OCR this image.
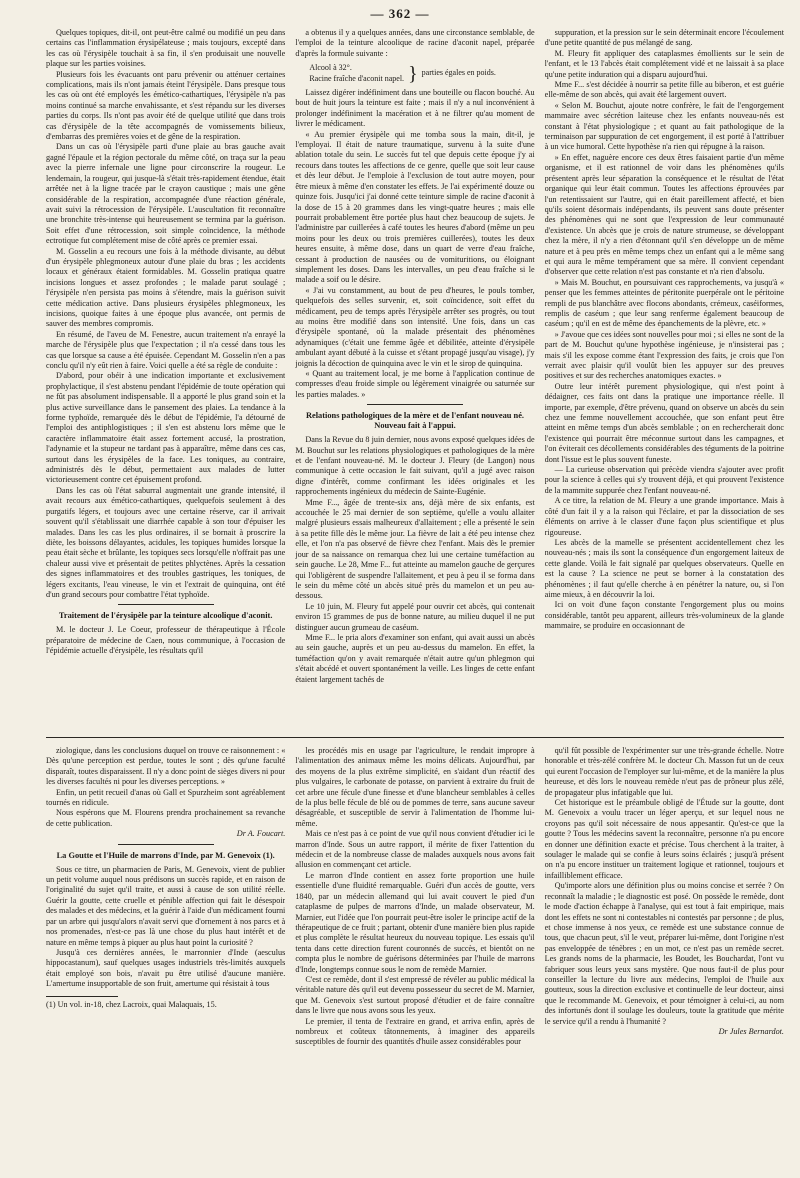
— 362 —

Quelques topiques, dit-il, ont peut-être calmé ou modifié un peu dans certains cas l'inflammation érysipélateuse ; mais toujours, excepté dans les cas où l'érysipèle touchait à sa fin, il s'en produisait une nouvelle plaque sur les parties voisines.

Plusieurs fois les évacuants ont paru prévenir ou atténuer certaines complications, mais ils n'ont jamais éteint l'érysipèle. Dans presque tous les cas où ont été employés les émético-cathartiques, l'érysipèle n'a pas moins continué sa marche envahissante, et s'est répandu sur les diverses parties du corps. Ils n'ont pas avoir été de quelque utilité que dans trois cas d'érysipèle de la tête accompagnés de vomissements bilieux, d'embarras des premières voies et de gêne de la respiration.

Dans un cas où l'érysipèle parti d'une plaie au bras gauche avait gagné l'épaule et la région pectorale du même côté, on traça sur la peau avec la pierre infernale une ligne pour circonscrire la rougeur. Le lendemain, la rougeur, qui jusque-là s'était très-rapidement étendue, était arrêtée net à la ligne tracée par le crayon caustique ; mais une gêne considérable de la respiration, accompagnée d'une réaction générale, avait suivi la rétrocession de l'érysipèle. L'auscultation fit reconnaître une bronchite très-intense qui heureusement se termina par la guérison. Soit effet d'une rétrocession, soit simple coïncidence, la méthode ectrotique fut complétement mise de côté après ce premier essai.

M. Gosselin a eu recours une fois à la méthode divisante, au début d'un érysipèle phlegmoneux autour d'une plaie du bras ; les accidents locaux et généraux étaient formidables. M. Gosselin pratiqua quatre incisions longues et assez profondes ; le malade parut soulagé ; l'érysipèle n'en persista pas moins à s'étendre, mais la guérison suivit cette médication active. Dans plusieurs érysipèles phlegmoneux, les incisions, quoique faites à une époque plus avancée, ont permis de sauver des membres compromis.

En résumé, de l'aveu de M. Fenestre, aucun traitement n'a enrayé la marche de l'érysipèle plus que l'expectation ; il n'a cessé dans tous les cas que lorsque sa cause a été épuisée. Cependant M. Gosselin n'en a pas conclu qu'il n'y eût rien à faire. Voici quelle a été sa règle de conduite :

D'abord, pour obéir à une indication importante et exclusivement prophylactique, il s'est abstenu pendant l'épidémie de toute opération qui ne fût pas absolument indispensable. Il a apporté le plus grand soin et la plus active surveillance dans le pansement des plaies. La tendance à la forme typhoïde, remarquée dès le début de l'épidémie, l'a détourné de l'emploi des antiphlogistiques ; il s'en est abstenu lors même que le caractère inflammatoire était assez fortement accusé, la prostration, l'adynamie et la stupeur ne tardant pas à apparaître, même dans ces cas, surtout dans les érysipèles de la face. Les toniques, au contraire, administrés dès le début, permettaient aux malades de lutter victorieusement contre cet épuisement profond.

Dans les cas où l'état saburral augmentait une grande intensité, il avait recours aux émético-cathartiques, quelquefois seulement à des purgatifs légers, et toujours avec une certaine réserve, car il arrivait souvent qu'il s'établissait une diarrhée capable à son tour d'épuiser les malades. Dans les cas les plus ordinaires, il se bornait à proscrire la diète, les boissons délayantes, acidules, les topiques humides lorsque la peau était sèche et brûlante, les topiques secs lorsqu'elle n'offrait pas une chaleur aussi vive et présentait de petites phlyctènes. Après la cessation des signes inflammatoires et des troubles gastriques, les toniques, de légers excitants, l'eau vineuse, le vin et l'extrait de quinquina, ont été d'un grand secours pour combattre l'état typhoïde.

Traitement de l'érysipèle par la teinture alcoolique d'aconit.

M. le docteur J. Le Coeur, professeur de thérapeutique à l'École préparatoire de médecine de Caen, nous communique, à l'occasion de l'épidémie actuelle d'érysipèle, les résultats qu'il

a obtenus il y a quelques années, dans une circonstance semblable, de l'emploi de la teinture alcoolique de racine d'aconit napel, préparée d'après la formule suivante :

Alcool à 32°.
Racine fraîche d'aconit napel. } parties égales en poids.

Laissez digérer indéfiniment dans une bouteille ou flacon bouché. Au bout de huit jours la teinture est faite ; mais il n'y a nul inconvénient à prolonger indéfiniment la macération et à ne filtrer qu'au moment de livrer le médicament.

« Au premier érysipèle qui me tomba sous la main, dit-il, je l'employai. Il était de nature traumatique, survenu à la suite d'une ablation totale du sein. Le succès fut tel que depuis cette époque j'y ai recours dans toutes les affections de ce genre, quelle que soit leur cause et dès leur début. Je l'emploie à l'exclusion de tout autre moyen, pour être mieux à même d'en constater les effets. Je l'ai expérimenté douze ou quinze fois. Jusqu'ici j'ai donné cette teinture simple de racine d'aconit à la dose de 15 à 20 grammes dans les vingt-quatre heures ; mais elle pourrait probablement être portée plus haut chez beaucoup de sujets. Je l'administre par cuillerées à café toutes les heures d'abord (même un peu moins pour les deux ou trois premières cuillerées), toutes les deux heures ensuite, à même dose, dans un quart de verre d'eau fraîche, cessant à production de nausées ou de vomituritions, ou éloignant simplement les doses. Dans les intervalles, un peu d'eau fraîche si le malade a soif ou le désire.

« J'ai vu constamment, au bout de peu d'heures, le pouls tomber, quelquefois des selles survenir, et, soit coïncidence, soit effet du médicament, peu de temps après l'érysipèle arrêter ses progrès, ou tout au moins être modifié dans son intensité. Une fois, dans un cas d'érysipèle spontané, où la malade présentait des phénomènes adynamiques (c'était une femme âgée et débilitée, atteinte d'érysipèle ambulant ayant débuté à la cuisse et s'étant propagé jusqu'au visage), j'y joignis la décoction de quinquina avec le vin et le sirop de quinquina.

« Quant au traitement local, je me borne à l'application continue de compresses d'eau froide simple ou légèrement vinaigrée ou saturnée sur les parties malades. »

Relations pathologiques de la mère et de l'enfant nouveau né. Nouveau fait à l'appui.

Dans la Revue du 8 juin dernier, nous avons exposé quelques idées de M. Bouchut sur les relations physiologiques et pathologiques de la mère et de l'enfant nouveau-né. M. le docteur J. Fleury (de Langon) nous communique à cette occasion le fait suivant, qu'il a jugé avec raison digne d'intérêt, comme confirmant les idées originales et les rapprochements ingénieux du médecin de Sainte-Eugénie.

Mme F..., âgée de trente-six ans, déjà mère de six enfants, est accouchée le 25 mai dernier de son septième, qu'elle a voulu allaiter malgré plusieurs essais malheureux d'allaitement ; elle a présenté le sein à sa petite fille dès le même jour. La fièvre de lait a été peu intense chez elle, et l'on n'a pas observé de fièvre chez l'enfant. Mais dès le premier jour de sa naissance on remarqua chez lui une certaine tuméfaction au sein gauche. Le 28, Mme F... fut atteinte au mamelon gauche de gerçures qui l'obligèrent de suspendre l'allaitement, et peu à peu il se forma dans le sein du même côté un abcès situé près du mamelon et un peu au-dessous.

Le 10 juin, M. Fleury fut appelé pour ouvrir cet abcès, qui contenait environ 15 grammes de pus de bonne nature, au milieu duquel il ne put distinguer aucun grumeau de caséum.

Mme F... le pria alors d'examiner son enfant, qui avait aussi un abcès au sein gauche, auprès et un peu au-dessus du mamelon. En effet, la tuméfaction qu'on y avait remarquée n'était autre qu'un phlegmon qui s'était abcédé et ouvert spontanément la veille. Les linges de cette enfant étaient largement tachés de

suppuration, et la pression sur le sein déterminait encore l'écoulement d'une petite quantité de pus mélangé de sang.

M. Fleury fit appliquer des cataplasmes émollients sur le sein de l'enfant, et le 13 l'abcès était complétement vidé et ne laissait à sa place qu'une petite induration qui a disparu aujourd'hui.

Mme F... s'est décidée à nourrir sa petite fille au biberon, et est guérie elle-même de son abcès, qui avait été largement ouvert.

« Selon M. Bouchut, ajoute notre confrère, le fait de l'engorgement mammaire avec sécrétion laiteuse chez les enfants nouveau-nés est constant à l'état physiologique ; et quant au fait pathologique de la terminaison par suppuration de cet engorgement, il est porté à l'attribuer à un vice humoral. Cette hypothèse n'a rien qui répugne à la raison.

» En effet, naguère encore ces deux êtres faisaient partie d'un même organisme, et il est rationnel de voir dans les phénomènes qu'ils présentent après leur séparation la conséquence et le résultat de l'état organique qui leur était commun. Toutes les affections éprouvées par l'un retentissaient sur l'autre, qui en était pareillement affecté, et bien qu'ils soient désormais indépendants, ils peuvent sans doute présenter des phénomènes qui ne sont que l'expression de leur communauté d'existence. Un abcès que je crois de nature strumeuse, se développant chez la mère, il n'y a rien d'étonnant qu'il s'en développe un de même nature et à peu près en même temps chez un enfant qui a le même sang et qui aura le même tempérament que sa mère. Il convient cependant d'observer que cette relation n'est pas constante et n'a rien d'absolu.

» Mais M. Bouchut, en poursuivant ces rapprochements, va jusqu'à « penser que les femmes atteintes de péritonite puerpérale ont le péritoine rempli de pus blanchâtre avec flocons abondants, crémeux, caséiformes, remplis de caséum ; que leur sang renferme également beaucoup de caséum ; qu'il en est de même des épanchements de la plèvre, etc. »

» J'avoue que ces idées sont nouvelles pour moi ; si elles ne sont de la part de M. Bouchut qu'une hypothèse ingénieuse, je n'insisterai pas ; mais s'il les expose comme étant l'expression des faits, je crois que l'on verrait avec plaisir qu'il voulût bien les appuyer sur des preuves positives et sur des recherches anatomiques exactes. »

Outre leur intérêt purement physiologique, qui n'est point à dédaigner, ces faits ont dans la pratique une importance réelle. Il importe, par exemple, d'être prévenu, quand on observe un abcès du sein chez une femme nouvellement accouchée, que son enfant peut être atteint en même temps d'un abcès semblable ; on en rechercherait donc l'existence qui pourrait être méconnue surtout dans les campagnes, et l'on éviterait ces décollements considérables des téguments de la poitrine dont l'issue est le plus souvent funeste.

— La curieuse observation qui précède viendra s'ajouter avec profit pour la science à celles qui s'y trouvent déjà, et qui prouvent l'existence de la mammite suppurée chez l'enfant nouveau-né.

A ce titre, la relation de M. Fleury a une grande importance. Mais à côté d'un fait il y a la raison qui l'éclaire, et par la dissociation de ses éléments on arrive à le classer d'une façon plus scientifique et plus rigoureuse.

Les abcès de la mamelle se présentent accidentellement chez les nouveau-nés ; mais ils sont la conséquence d'un engorgement laiteux de cette glande. Voilà le fait signalé par quelques observateurs. Quelle en est la cause ? La science ne peut se borner à la constatation des phénomènes ; il faut qu'elle cherche à en pénétrer la nature, ou, si l'on aime mieux, à en découvrir la loi.

Ici on voit d'une façon constante l'engorgement plus ou moins considérable, tantôt peu apparent, ailleurs très-volumineux de la glande mammaire, se produire en occasionnant de

ziologique, dans les conclusions duquel on trouve ce raisonnement : « Dès qu'une perception est perdue, toutes le sont ; dès qu'une faculté disparaît, toutes disparaissent. Il n'y a donc point de sièges divers ni pour les diverses facultés ni pour les diverses perceptions. »

Enfin, un petit recueil d'anas où Gall et Spurzheim sont agréablement tournés en ridicule.

Nous espérons que M. Flourens prendra prochainement sa revanche de cette publication.

Dr A. Foucart.

La Goutte et l'Huile de marrons d'Inde, par M. Genevoix (1).

Sous ce titre, un pharmacien de Paris, M. Genevoix, vient de publier un petit volume auquel nous prédisons un succès rapide, et en raison de l'originalité du sujet qu'il traite, et aussi à cause de son utilité réelle. Guérir la goutte, cette cruelle et pénible affection qui fait le désespoir des malades et des médecins, et la guérir à l'aide d'un médicament fourni par un arbre qui jusqu'alors n'avait servi que d'ornement à nos parcs et à nos promenades, n'est-ce pas là une chose du plus haut intérêt et de nature en même temps à piquer au plus haut point la curiosité ?

Jusqu'à ces dernières années, le marronnier d'Inde (aesculus hippocastanum), sauf quelques usages industriels très-limités auxquels était employé son bois, n'avait pu être utilisé d'aucune manière. L'amertume insupportable de son fruit, amertume qui résistait à tous

(1) Un vol. in-18, chez Lacroix, quai Malaquais, 15.

les procédés mis en usage par l'agriculture, le rendait impropre à l'alimentation des animaux même les moins délicats. Aujourd'hui, par des moyens de la plus extrême simplicité, en s'aidant d'un réactif des plus vulgaires, le carbonate de potasse, on parvient à extraire du fruit de cet arbre une fécule d'une finesse et d'une blancheur semblables à celles de la plus belle fécule de blé ou de pommes de terre, sans aucune saveur désagréable, et susceptible de servir à l'alimentation de l'homme lui-même.

Mais ce n'est pas à ce point de vue qu'il nous convient d'étudier ici le marron d'Inde. Sous un autre rapport, il mérite de fixer l'attention du médecin et de la nombreuse classe de malades auxquels nous avons fait allusion en commençant cet article.

Le marron d'Inde contient en assez forte proportion une huile essentielle d'une fluidité remarquable. Guéri d'un accès de goutte, vers 1840, par un médecin allemand qui lui avait couvert le pied d'un cataplasme de pulpes de marrons d'Inde, un malade observateur, M. Marnier, eut l'idée que l'on pourrait peut-être isoler le principe actif de la thérapeutique de ce fruit ; partant, obtenir d'une manière bien plus rapide et plus complète le résultat heureux du nouveau topique. Les essais qu'il tenta dans cette direction furent couronnés de succès, et bientôt on ne compta plus le nombre de guérisons déterminées par l'huile de marrons d'Inde, longtemps connue sous le nom de remède Marnier.

C'est ce remède, dont il s'est empressé de révéler au public médical la véritable nature dès qu'il eut devenu possesseur du secret de M. Marnier, que M. Genevoix s'est surtout proposé d'étudier et de faire connaître dans le livre que nous avons sous les yeux.

Le premier, il tenta de l'extraire en grand, et arriva enfin, après de nombreux et coûteux tâtonnements, à imaginer des appareils susceptibles de fournir des quantités d'huile assez considérables pour

qu'il fût possible de l'expérimenter sur une très-grande échelle. Notre honorable et très-zélé confrère M. le docteur Ch. Masson fut un de ceux qui eurent l'occasion de l'employer sur lui-même, et de la manière la plus heureuse, et dès lors le nouveau remède n'eut pas de prôneur plus zélé, de propagateur plus infatigable que lui.

Cet historique est le préambule obligé de l'Étude sur la goutte, dont M. Genevoix a voulu tracer un léger aperçu, et sur lequel nous ne croyons pas qu'il soit nécessaire de nous appesantir. Qu'est-ce que la goutte ? Tous les médecins savent la reconnaître, personne n'a pu encore en donner une définition exacte et précise. Tous cherchent à la traiter, à soulager le malade qui se confie à leurs soins éclairés ; jusqu'à présent on n'a pu encore instituer un traitement logique et rationnel, toujours et infailliblement efficace.

Qu'importe alors une définition plus ou moins concise et serrée ? On reconnaît la maladie ; le diagnostic est posé. On possède le remède, dont le mode d'action échappe à l'analyse, qui est tout à fait empirique, mais dont les effets ne sont ni contestables ni contestés par personne ; de plus, et chose immense à nos yeux, ce remède est une substance connue de tous, que chacun peut, s'il le veut, préparer lui-même, dont l'origine n'est pas enveloppée de ténèbres ; en un mot, ce n'est pas un remède secret. Les grands noms de la pharmacie, les Boudet, les Bouchardat, l'ont vu fabriquer sous leurs yeux sans mystère. Que nous faut-il de plus pour conseiller la lecture du livre aux médecins, l'emploi de l'huile aux goutteux, sous la direction exclusive et continuelle de leur docteur, ainsi que le recommande M. Genevoix, et pour témoigner à celui-ci, au nom des infortunés dont il soulage les douleurs, toute la gratitude que mérite le service qu'il a rendu à l'humanité ?

Dr Jules Bernardot.
